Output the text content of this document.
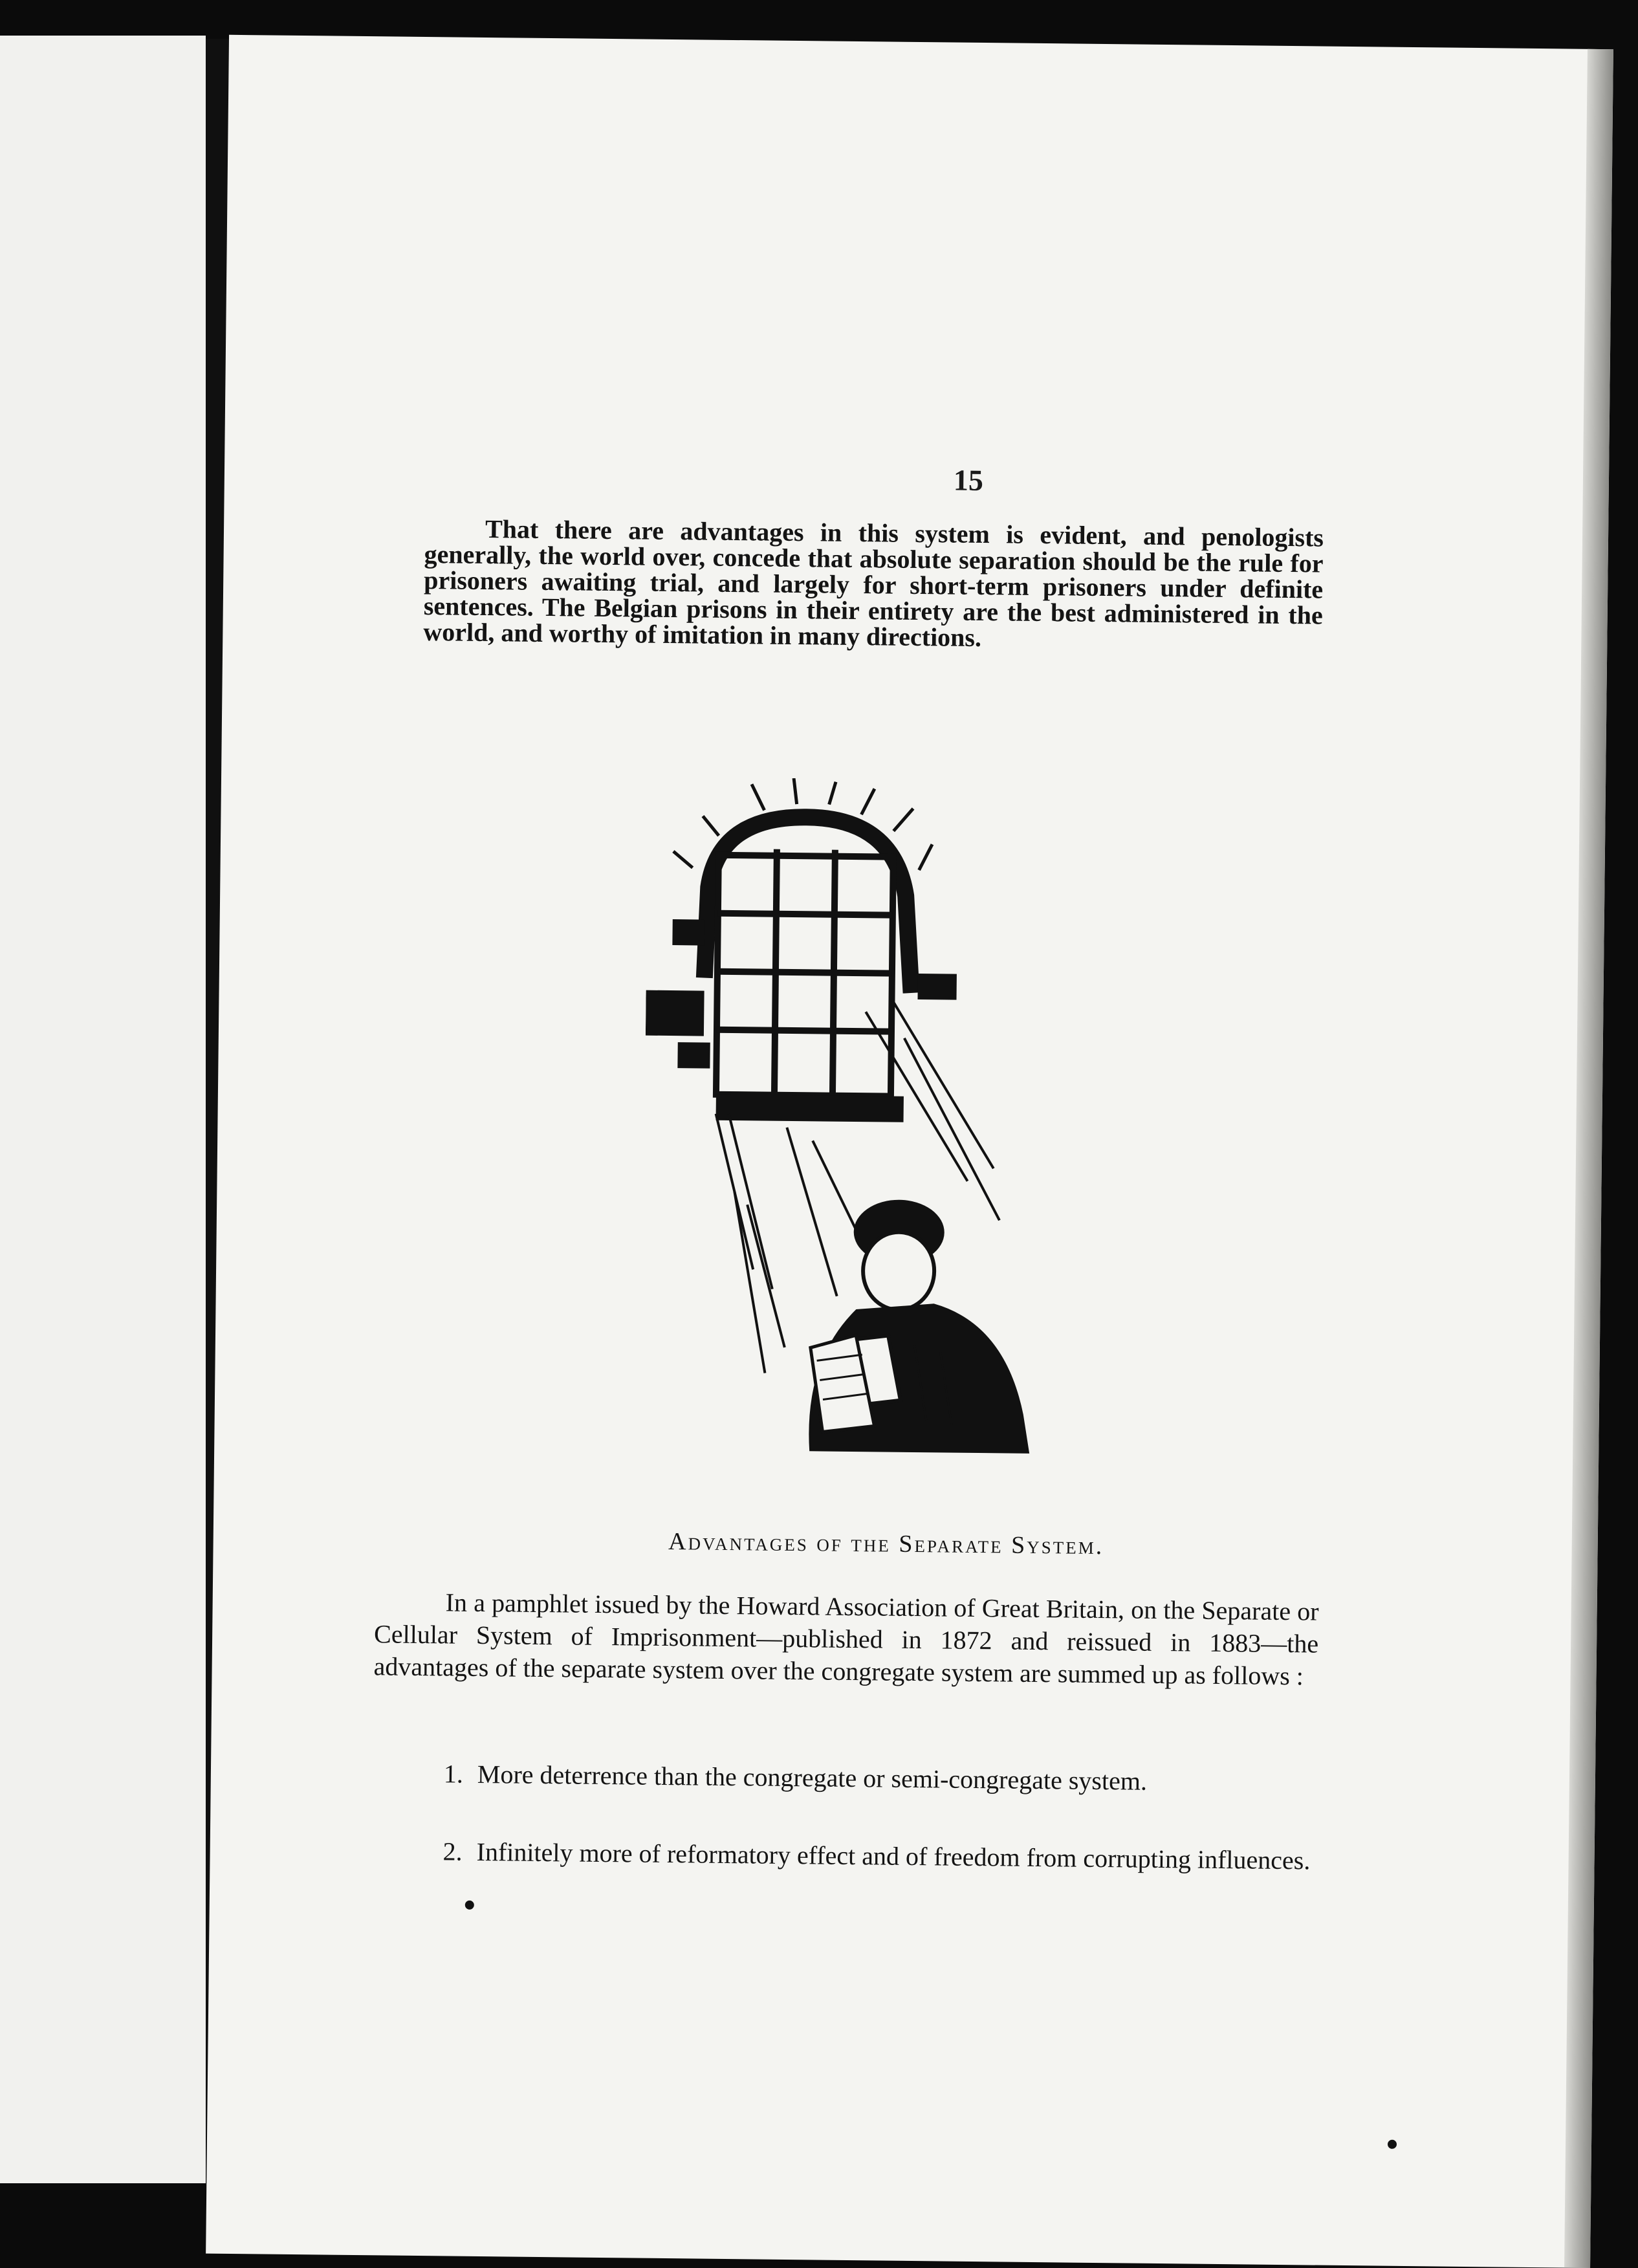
15
That there are advantages in this system is evident, and penologists generally, the world over, concede that absolute separation should be the rule for prisoners awaiting trial, and largely for short-term prisoners under definite sentences. The Belgian prisons in their entirety are the best administered in the world, and worthy of imitation in many directions.
Advantages of the Separate System.
In a pamphlet issued by the Howard Association of Great Britain, on the Separate or Cellular System of Imprisonment—published in 1872 and reissued in 1883—the advantages of the separate system over the congregate system are summed up as follows :
1. More deterrence than the congregate or semi-congregate system.
2. Infinitely more of reformatory effect and of freedom from corrupting influences.
